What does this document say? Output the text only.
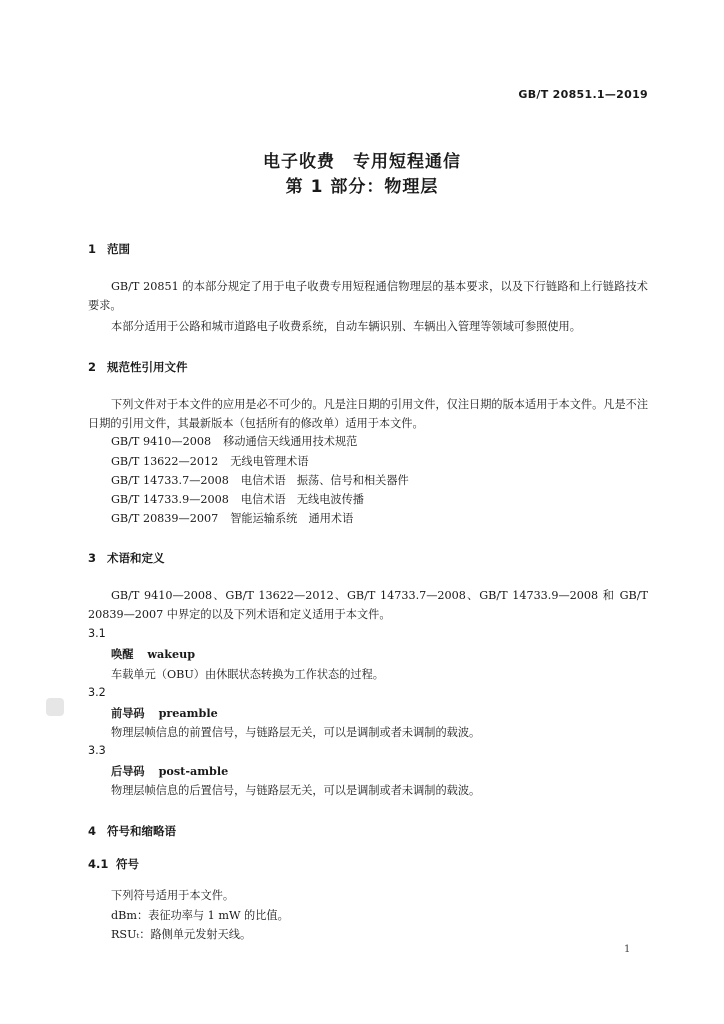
GB/T 20851.1—2019
电子收费　专用短程通信
第 1 部分：物理层
1 范围
GB/T 20851 的本部分规定了用于电子收费专用短程通信物理层的基本要求，以及下行链路和上行链路技术要求。
本部分适用于公路和城市道路电子收费系统，自动车辆识别、车辆出入管理等领域可参照使用。
2 规范性引用文件
下列文件对于本文件的应用是必不可少的。凡是注日期的引用文件，仅注日期的版本适用于本文件。凡是不注日期的引用文件，其最新版本（包括所有的修改单）适用于本文件。
GB/T 9410—2008 移动通信天线通用技术规范
GB/T 13622—2012 无线电管理术语
GB/T 14733.7—2008 电信术语　振荡、信号和相关器件
GB/T 14733.9—2008 电信术语　无线电波传播
GB/T 20839—2007 智能运输系统　通用术语
3 术语和定义
GB/T 9410—2008、GB/T 13622—2012、GB/T 14733.7—2008、GB/T 14733.9—2008 和 GB/T 20839—2007 中界定的以及下列术语和定义适用于本文件。
3.1
唤醒 wakeup
车载单元（OBU）由休眠状态转换为工作状态的过程。
3.2
前导码 preamble
物理层帧信息的前置信号，与链路层无关，可以是调制或者未调制的载波。
3.3
后导码 post-amble
物理层帧信息的后置信号，与链路层无关，可以是调制或者未调制的载波。
4 符号和缩略语
4.1 符号
下列符号适用于本文件。
dBm：表征功率与 1 mW 的比值。
RSUₜ：路侧单元发射天线。
1
